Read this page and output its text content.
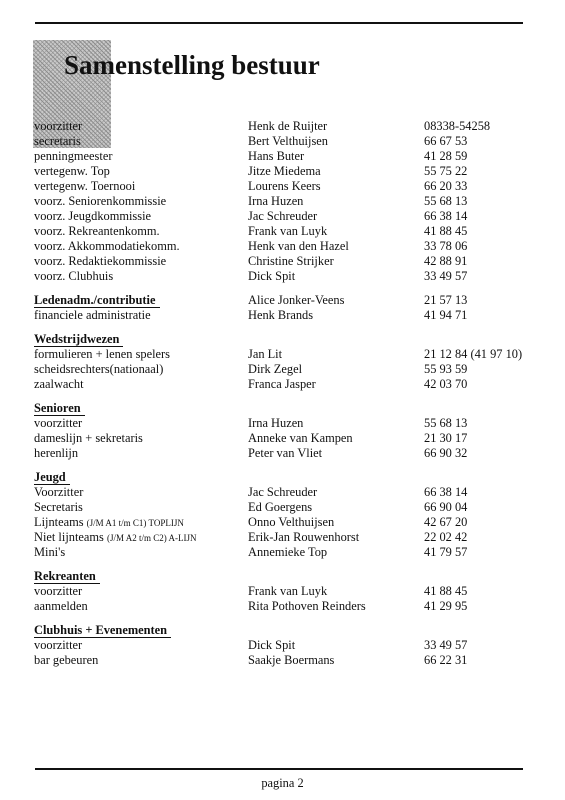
Samenstelling bestuur
voorzitter	Henk de Ruijter	08338-54258
secretaris	Bert Velthuijsen	66 67 53
penningmeester	Hans Buter	41 28 59
vertegenw. Top	Jitze Miedema	55 75 22
vertegenw. Toernooi	Lourens Keers	66 20 33
voorz. Seniorenkommissie	Irna Huzen	55 68 13
voorz. Jeugdkommissie	Jac Schreuder	66 38 14
voorz. Rekreantenkomm.	Frank van Luyk	41 88 45
voorz. Akkommodatiekomm.	Henk van den Hazel	33 78 06
voorz. Redaktiekommissie	Christine Strijker	42 88 91
voorz. Clubhuis	Dick Spit	33 49 57
Ledenadm./contributie	Alice Jonker-Veens	21 57 13
financiele administratie	Henk Brands	41 94 71
Wedstrijdwezen
formulieren + lenen spelers	Jan Lit	21 12 84 (41 97 10)
scheidsrechters(nationaal)	Dirk Zegel	55 93 59
zaalwacht	Franca Jasper	42 03 70
Senioren
voorzitter	Irna Huzen	55 68 13
dameslijn + sekretaris	Anneke van Kampen	21 30 17
herenlijn	Peter van Vliet	66 90 32
Jeugd
Voorzitter	Jac Schreuder	66 38 14
Secretaris	Ed Goergens	66 90 04
Lijnteams (J/M A1 t/m C1) TOPLIJN	Onno Velthuijsen	42 67 20
Niet lijnteams (J/M A2 t/m C2) A-LIJN	Erik-Jan Rouwenhorst	22 02 42
Mini's	Annemieke Top	41 79 57
Rekreanten
voorzitter	Frank van Luyk	41 88 45
aanmelden	Rita Pothoven Reinders	41 29 95
Clubhuis + Evenementen
voorzitter	Dick Spit	33 49 57
bar gebeuren	Saakje Boermans	66 22 31
pagina 2
